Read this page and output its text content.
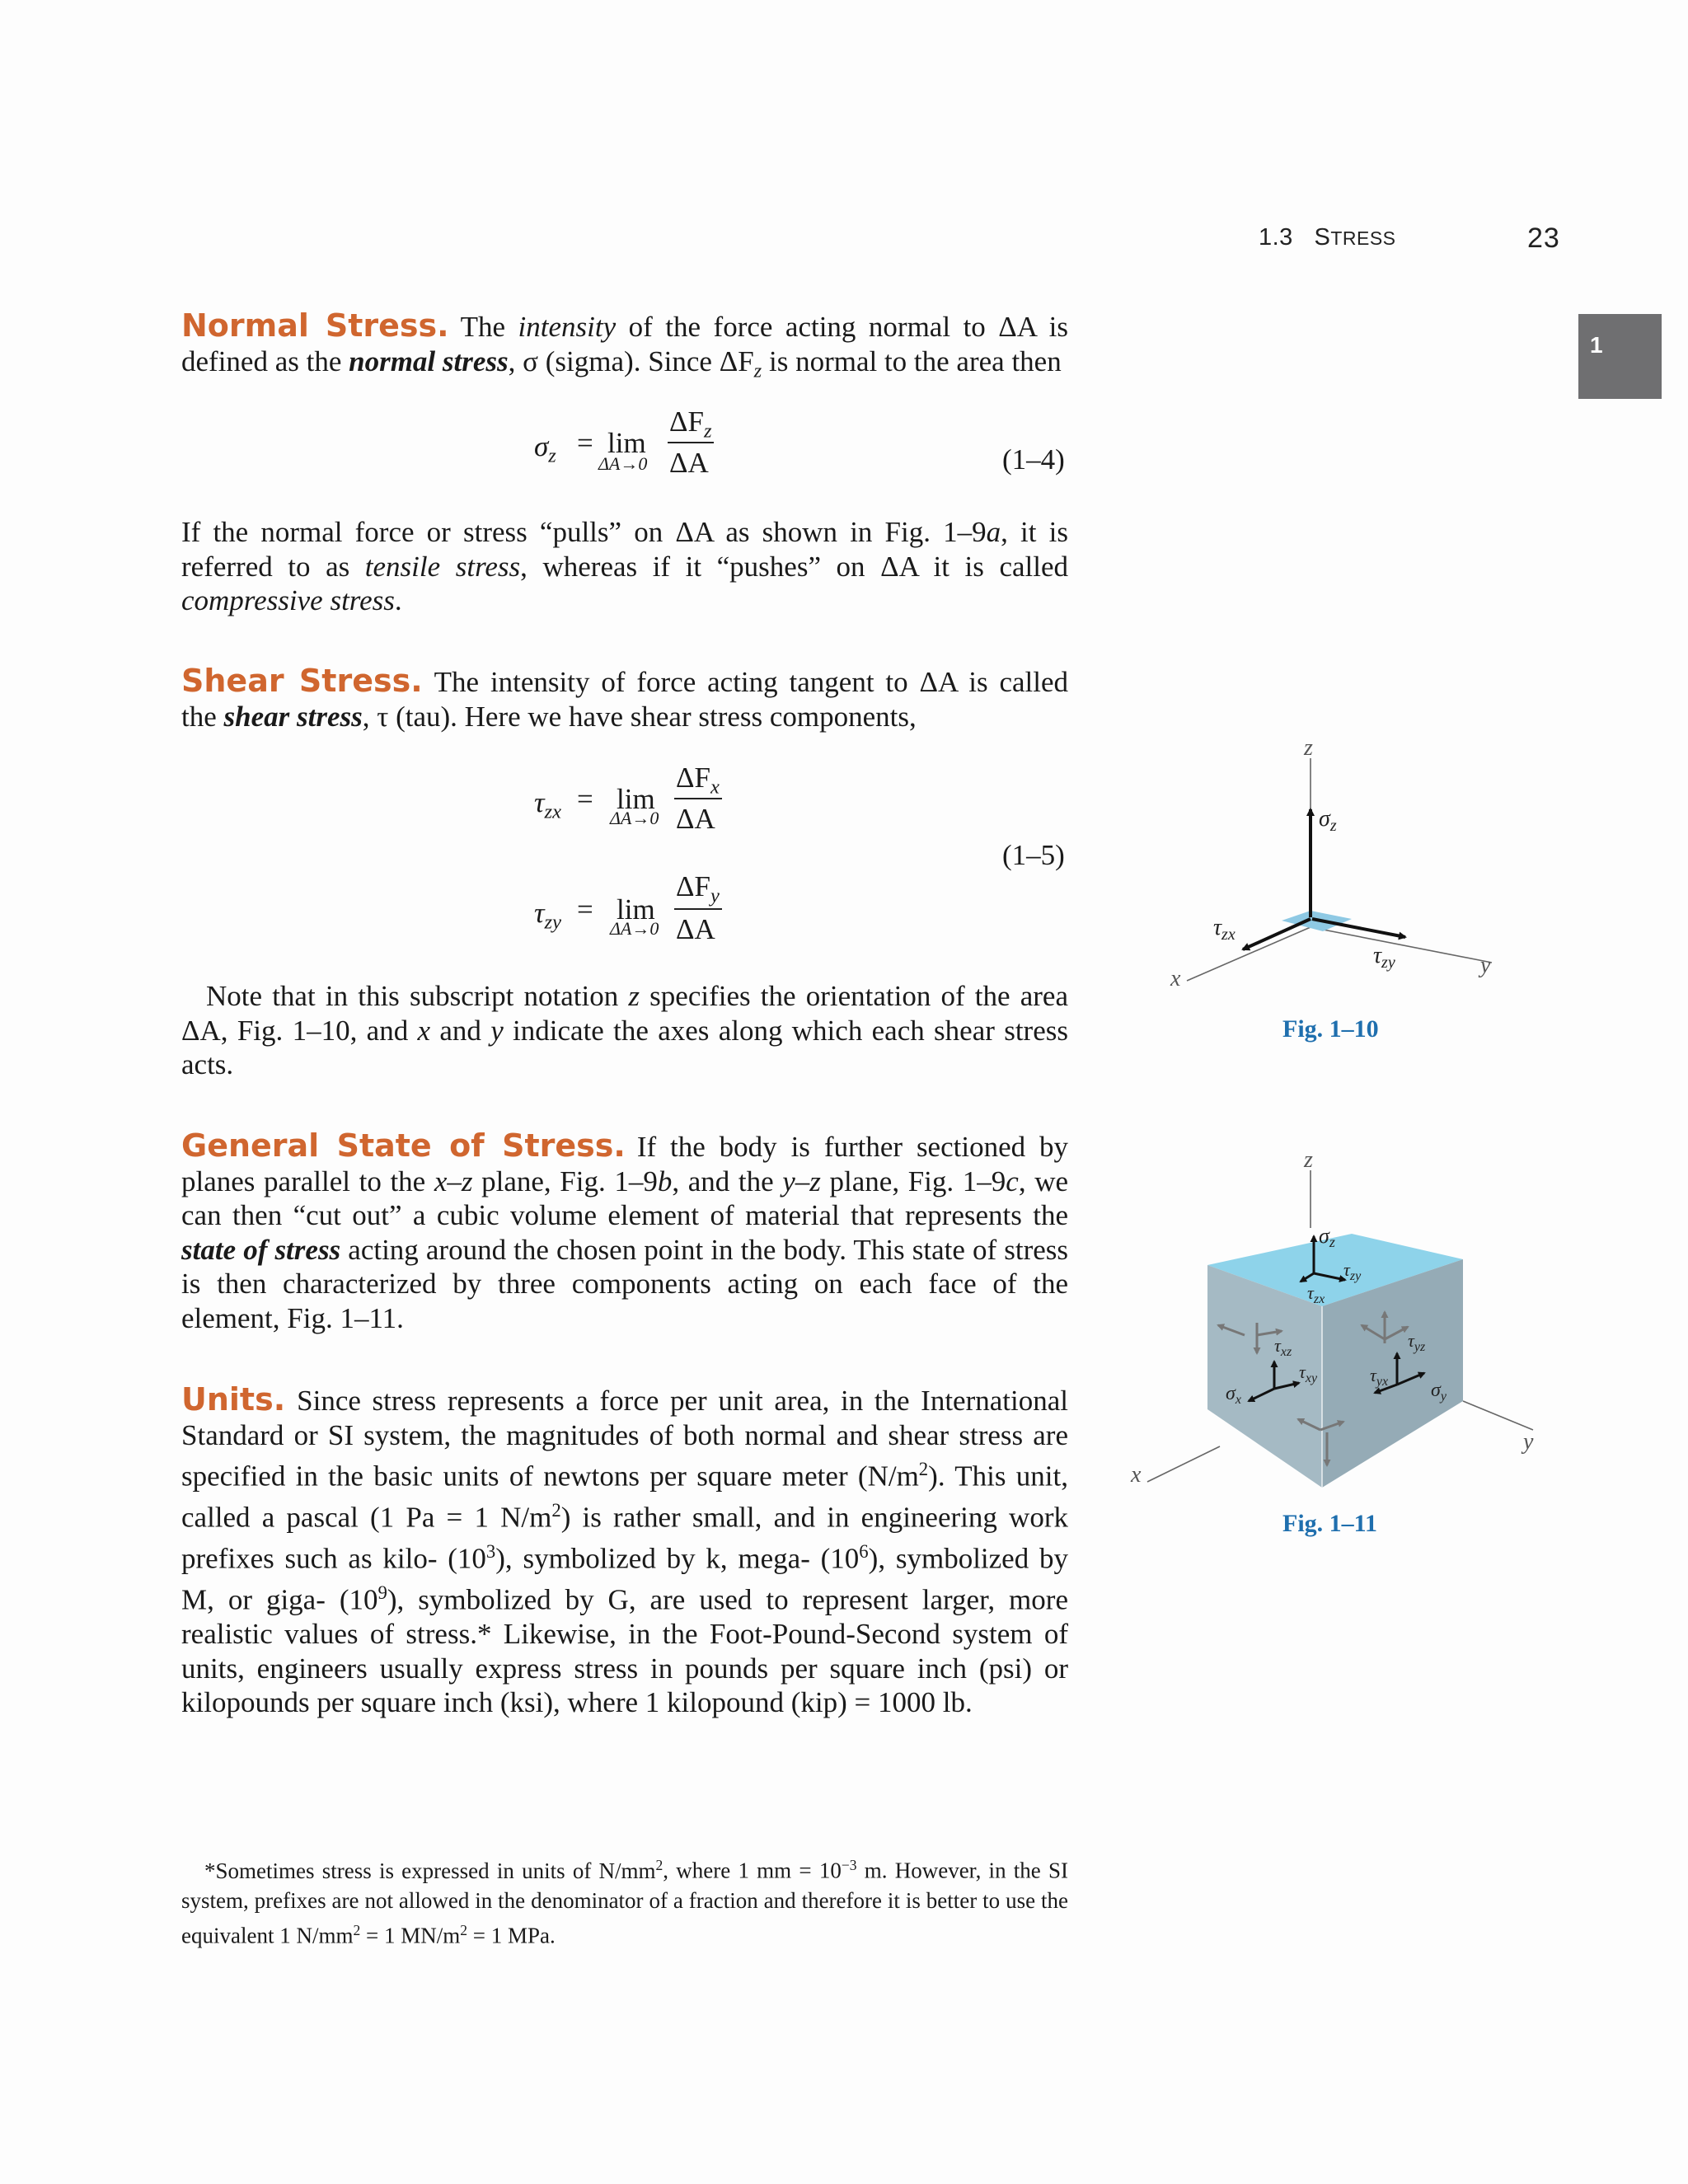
1.3 STRESS	23
1
Normal Stress. The intensity of the force acting normal to ΔA is defined as the normal stress, σ (sigma). Since $\Delta F_z$ is normal to the area then
$\sigma_z = \lim$
ΔA→0
$\Delta F_z$
ΔA	(1–4)
If the normal force or stress “pulls” on ΔA as shown in Fig. 1–9a, it is referred to as tensile stress, whereas if it “pushes” on ΔA it is called compressive stress.
Shear Stress. The intensity of force acting tangent to ΔA is called the shear stress, τ (tau). Here we have shear stress components,
$\tau_{zx} = \lim$
ΔA→0
$\Delta F_x$
ΔA
$\tau_{zy} = \lim$
ΔA→0
$\Delta F_y$
ΔA
(1–5)
Note that in this subscript notation z specifies the orientation of the area ΔA, Fig. 1–10, and x and y indicate the axes along which each shear stress acts.
General State of Stress. If the body is further sectioned by planes parallel to the x–z plane, Fig. 1–9b, and the y–z plane, Fig. 1–9c, we can then “cut out” a cubic volume element of material that represents the state of stress acting around the chosen point in the body. This state of stress is then characterized by three components acting on each face of the element, Fig. 1–11.
Units. Since stress represents a force per unit area, in the International Standard or SI system, the magnitudes of both normal and shear stress are specified in the basic units of newtons per square meter $(N/m^2)$. This unit, called a pascal (1 Pa = 1 $N/m^2$) is rather small, and in engineering work prefixes such as kilo- $(10^3)$, symbolized by k, mega- $(10^6)$, symbolized by M, or giga- $(10^9)$, symbolized by G, are used to represent larger, more realistic values of stress.* Likewise, in the Foot-Pound-Second system of units, engineers usually express stress in pounds per square inch (psi) or kilopounds per square inch (ksi), where 1 kilopound (kip) = 1000 lb.
*Sometimes stress is expressed in units of $N/mm^2$, where 1 mm = $10^{-3}$ m. However, in the SI system, prefixes are not allowed in the denominator of a fraction and therefore it is better to use the equivalent 1 $N/mm^2 = 1$ $MN/m^2 = 1$ MPa.
z
x
y
$\sigma_z$
$\tau_{zx}$
$\tau_{zy}$
Fig. 1–10
z
x
y
σz
$\tau_{zx}$
$\tau_{zy}$
$\tau_{xz}$
$\tau_{xy}$
$\sigma_x$
$\tau_{yz}$
$\tau_{yx}$ $\sigma_y$
Fig. 1–11
